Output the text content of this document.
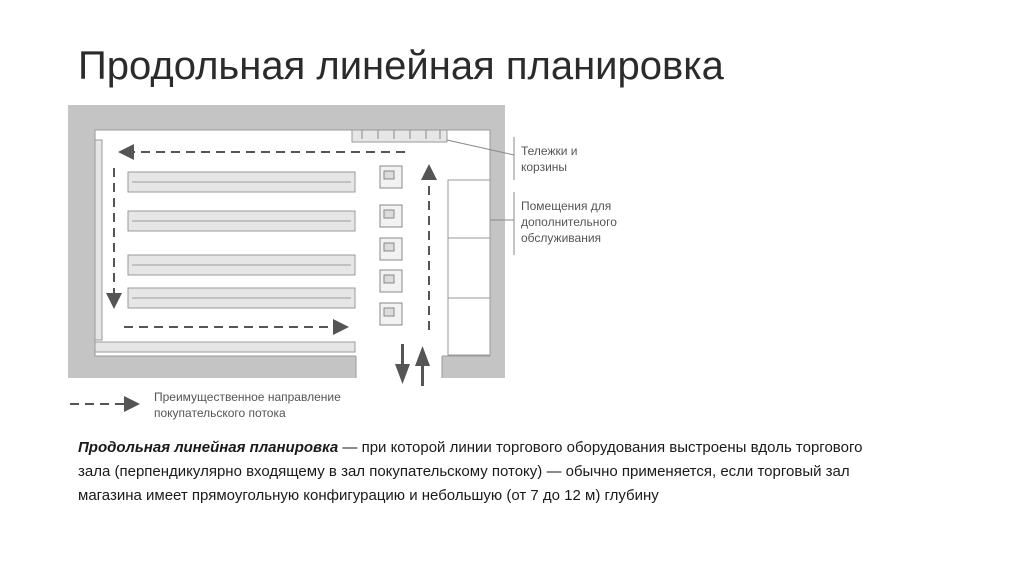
Продольная линейная планировка
Тележки и
корзины
Помещения для
дополнительного
обслуживания
Преимущественное направление
покупательского потока
Продольная линейная планировка — при которой линии торгового оборудования выстроены вдоль торгового зала (перпендикулярно входящему в зал покупательскому потоку) — обычно применяется, если торговый зал магазина имеет прямоугольную конфигурацию и небольшую (от 7 до 12 м) глубину
